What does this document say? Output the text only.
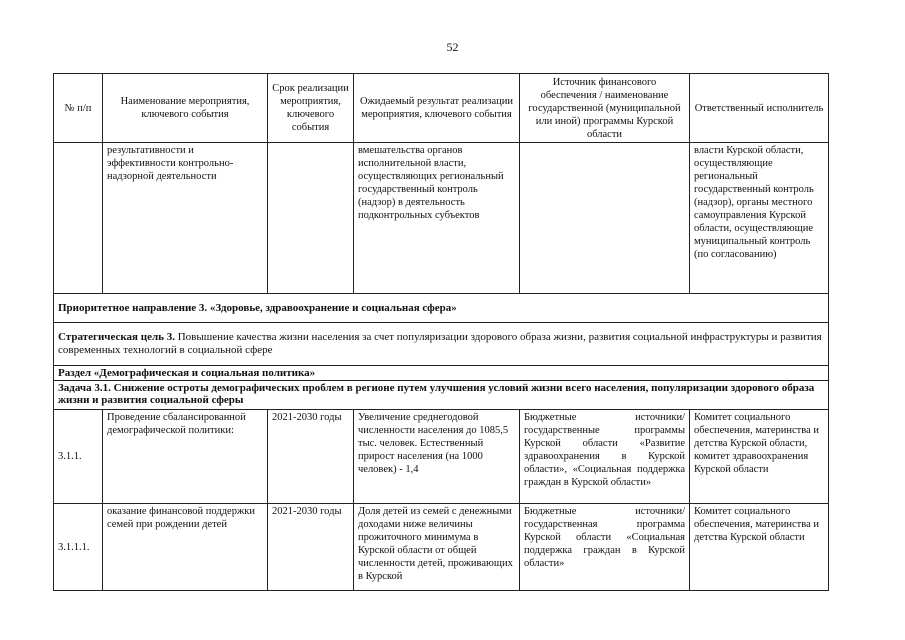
52
№ п/п	Наименование мероприятия, ключевого события	Срок реализации мероприятия, ключевого события	Ожидаемый результат реализации мероприятия, ключевого события	Источник финансового обеспечения / наименование государственной (муниципальной или иной) программы Курской области	Ответственный исполнитель
	результативности и эффективности контрольно-надзорной деятельности		вмешательства органов исполнительной власти, осуществляющих региональный государственный контроль (надзор) в деятельность подконтрольных субъектов		власти Курской области, осуществляющие региональный государственный контроль (надзор), органы местного самоуправления Курской области, осуществляющие муниципальный контроль (по согласованию)
Приоритетное направление 3. «Здоровье, здравоохранение и социальная сфера»					
Стратегическая цель 3. Повышение качества жизни населения за счет популяризации здорового образа жизни, развития социальной инфраструктуры и развития современных технологий в социальной сфере					
Раздел «Демографическая и социальная политика»					
Задача 3.1. Снижение остроты демографических проблем в регионе путем улучшения условий жизни всего населения, популяризации здорового образа жизни и развития социальной сферы					
3.1.1.	Проведение сбалансированной демографической политики:	2021-2030 годы	Увеличение среднегодовой численности населения до 1085,5 тыс. человек. Естественный прирост населения (на 1000 человек) - 1,4	Бюджетные источники/государственные программы Курской области «Развитие здравоохранения в Курской области», «Социальная поддержка граждан в Курской области»	Комитет социального обеспечения, материнства и детства Курской области, комитет здравоохранения Курской области
3.1.1.1.	оказание финансовой поддержки семей при рождении детей	2021-2030 годы	Доля детей из семей с денежными доходами ниже величины прожиточного минимума в Курской области от общей численности детей, проживающих в Курской	Бюджетные источники/государственная программа Курской области «Социальная поддержка граждан в Курской области»	Комитет социального обеспечения, материнства и детства Курской области
